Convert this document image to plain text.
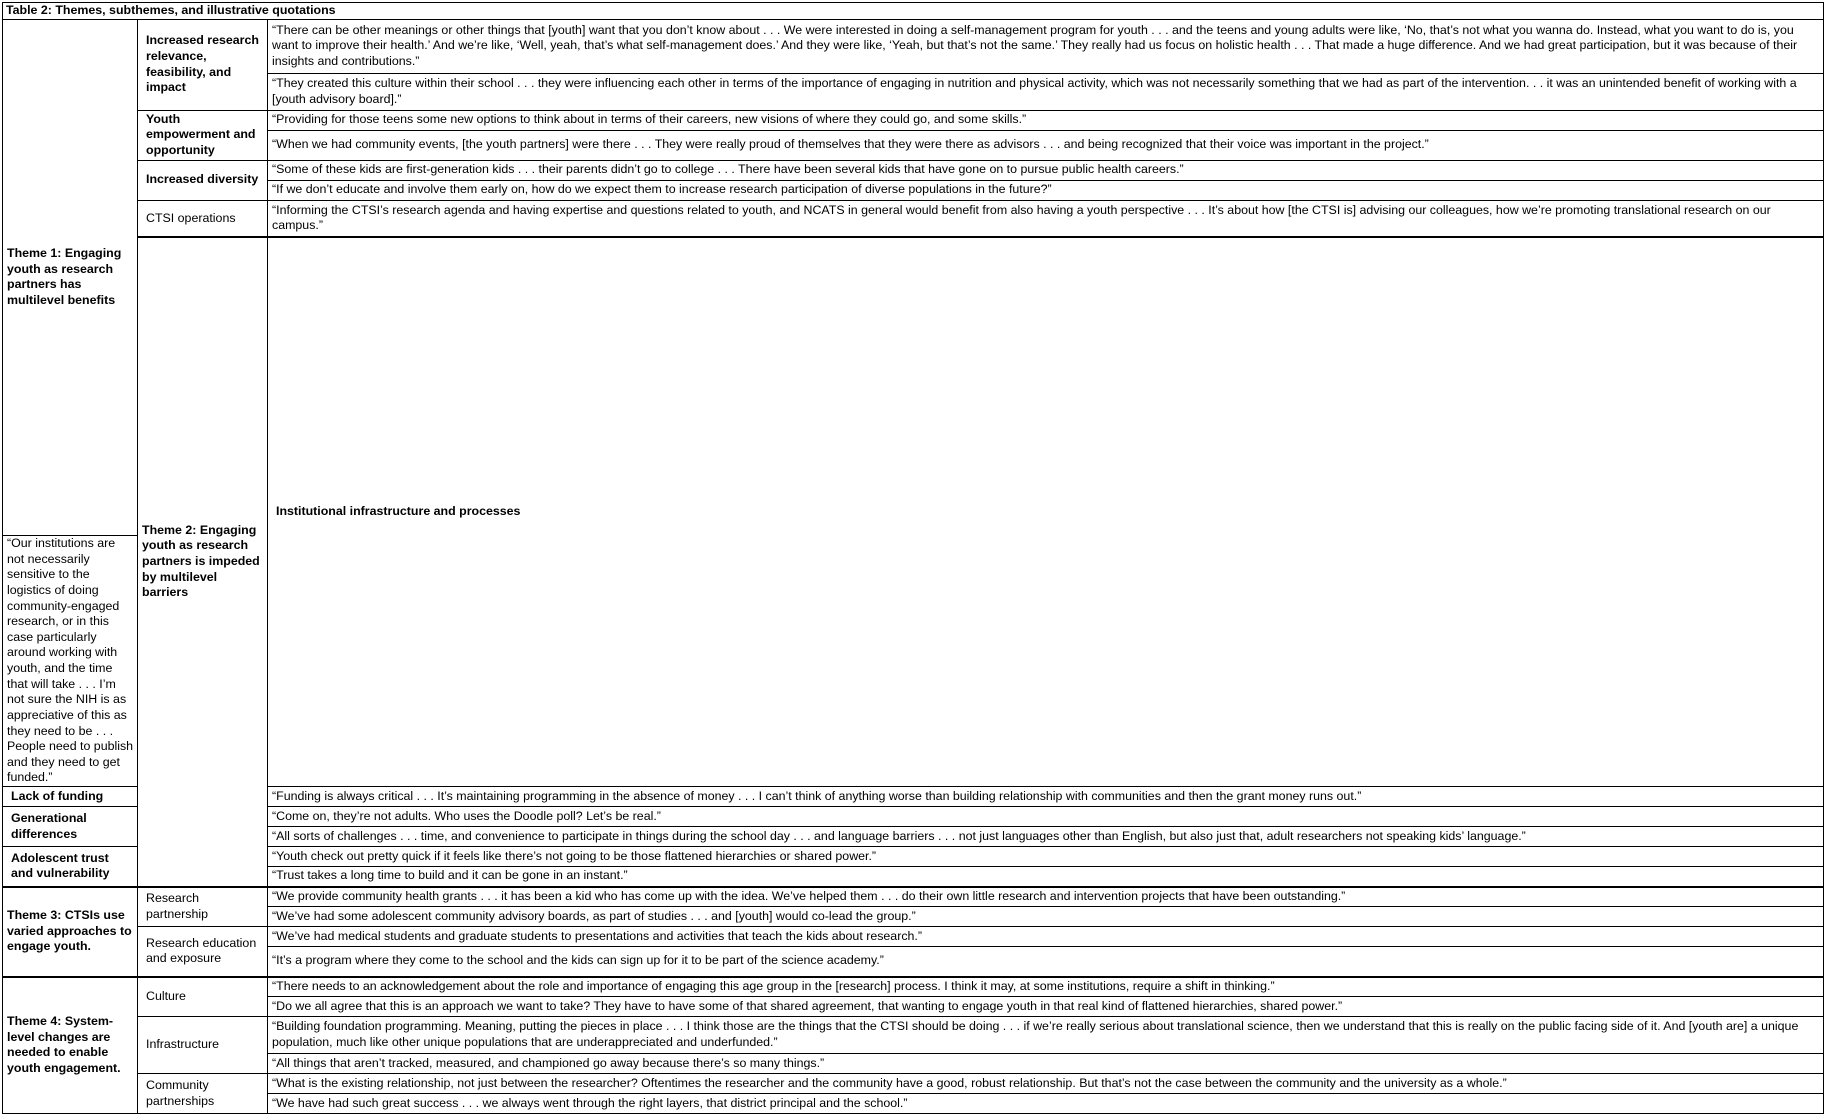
Table 2: Themes, subthemes, and illustrative quotations			
Theme 1: Engaging youth as research partners has multilevel benefits	Increased research relevance, feasibility, and impact	“There can be other meanings or other things that [youth] want that you don’t know about . . . We were interested in doing a self-management program for youth . . . and the teens and young adults were like, ‘No, that’s not what you wanna do. Instead, what you want to do is, you want to improve their health.’ And we’re like, ‘Well, yeah, that’s what self-management does.’ And they were like, ‘Yeah, but that’s not the same.’ They really had us focus on holistic health . . . That made a huge difference. And we had great participation, but it was because of their insights and contributions.”	
		“They created this culture within their school . . . they were influencing each other in terms of the importance of engaging in nutrition and physical activity, which was not necessarily something that we had as part of the intervention. . . it was an unintended benefit of working with a [youth advisory board].”	
	Youth empowerment and opportunity	“Providing for those teens some new options to think about in terms of their careers, new visions of where they could go, and some skills.”	
		“When we had community events, [the youth partners] were there . . . They were really proud of themselves that they were there as advisors . . . and being recognized that their voice was important in the project.”	
	Increased diversity	“Some of these kids are first-generation kids . . . their parents didn’t go to college . . . There have been several kids that have gone on to pursue public health careers.”	
		“If we don’t educate and involve them early on, how do we expect them to increase research participation of diverse populations in the future?”	
	CTSI operations	“Informing the CTSI’s research agenda and having expertise and questions related to youth, and NCATS in general would benefit from also having a youth perspective . . . It’s about how [the CTSI is] advising our colleagues, how we’re promoting translational research on our campus.”	
	Theme 2: Engaging youth as research partners is impeded by multilevel barriers	Institutional infrastructure and processes	
“Our institutions are not necessarily sensitive to the logistics of doing community-engaged research, or in this case particularly around working with youth, and the time that will take . . . I’m not sure the NIH is as appreciative of this as they need to be . . . People need to publish and they need to get funded.”			
Lack of funding		“Funding is always critical . . . It’s maintaining programming in the absence of money . . . I can’t think of anything worse than building relationship with communities and then the grant money runs out.”	
Generational differences		“Come on, they’re not adults. Who uses the Doodle poll? Let’s be real.”	
		“All sorts of challenges . . . time, and convenience to participate in things during the school day . . . and language barriers . . . not just languages other than English, but also just that, adult researchers not speaking kids’ language.”	
Adolescent trust and vulnerability		“Youth check out pretty quick if it feels like there’s not going to be those flattened hierarchies or shared power.”	
		“Trust takes a long time to build and it can be gone in an instant.”	
Theme 3: CTSIs use varied approaches to engage youth.	Research partnership	“We provide community health grants . . . it has been a kid who has come up with the idea. We’ve helped them . . . do their own little research and intervention projects that have been outstanding.”	
		“We’ve had some adolescent community advisory boards, as part of studies . . . and [youth] would co-lead the group.”	
	Research education and exposure	“We’ve had medical students and graduate students to presentations and activities that teach the kids about research.”	
		“It’s a program where they come to the school and the kids can sign up for it to be part of the science academy.”	
Theme 4: System-level changes are needed to enable youth engagement.	Culture	“There needs to an acknowledgement about the role and importance of engaging this age group in the [research] process. I think it may, at some institutions, require a shift in thinking.”	
		“Do we all agree that this is an approach we want to take? They have to have some of that shared agreement, that wanting to engage youth in that real kind of flattened hierarchies, shared power.”	
	Infrastructure	“Building foundation programming. Meaning, putting the pieces in place . . . I think those are the things that the CTSI should be doing . . . if we’re really serious about translational science, then we understand that this is really on the public facing side of it. And [youth are] a unique population, much like other unique populations that are underappreciated and underfunded.”	
		“All things that aren’t tracked, measured, and championed go away because there’s so many things.”	
	Community partnerships	“What is the existing relationship, not just between the researcher? Oftentimes the researcher and the community have a good, robust relationship. But that’s not the case between the community and the university as a whole.”	
		“We have had such great success . . . we always went through the right layers, that district principal and the school.”	
